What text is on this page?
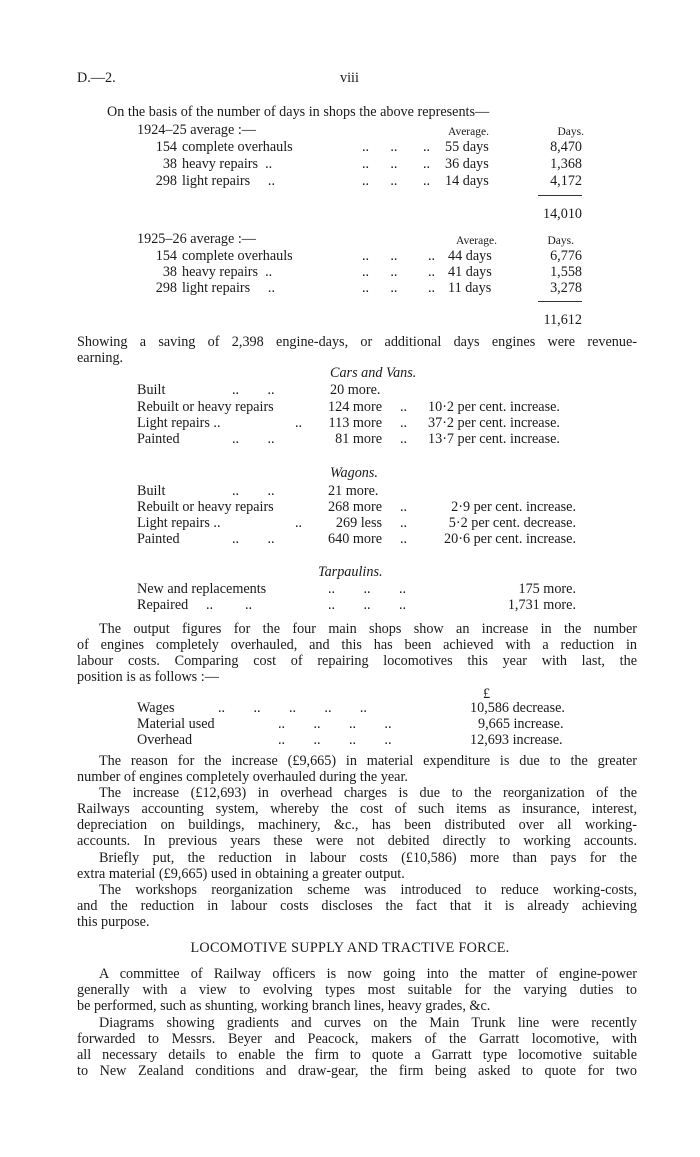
D.—2.	viii
On the basis of the number of days in shops the above represents—
1924–25 average :—	Average.	Days.
154 complete overhauls	..      .. .. 55 days	8,470
38 heavy repairs  ..	..      .. .. 36 days	1,368
298 light repairs     ..	..      .. .. 14 days	4,172
14,010
1925–26 average :—	Average.	Days.
154 complete overhauls	..      .. .. 44 days	6,776
38 heavy repairs  ..	..      .. .. 41 days	1,558
298 light repairs     ..	..      .. .. 11 days	3,278
11,612
Showing a saving of 2,398 engine-days, or additional days engines were revenue-
earning.
Cars and Vans.
Built	..        ..	20 more.
Rebuilt or heavy repairs	124 more .. 10·2 per cent. increase.
Light repairs ..	..	113 more .. 37·2 per cent. increase.
Painted	..        ..	81 more .. 13·7 per cent. increase.
Wagons.
Built	..        ..	21 more.
Rebuilt or heavy repairs	268 more ..	2·9 per cent. increase.
Light repairs ..	..	269 less ..	5·2 per cent. decrease.
Painted	..        ..	640 more ..	20·6 per cent. increase.
Tarpaulins.
New and replacements	..        ..        ..	175 more.
Repaired     ..         ..	..        ..        ..	1,731 more.
The output figures for the four main shops show an increase in the number
of engines completely overhauled, and this has been achieved with a reduction in
labour costs. Comparing cost of repairing locomotives this year with last, the
position is as follows :—
£
Wages	..        ..        ..        ..        ..	10,586 decrease.
Material used	..        ..        ..        ..	9,665 increase.
Overhead	..        ..        ..        ..	12,693 increase.
The reason for the increase (£9,665) in material expenditure is due to the greater
number of engines completely overhauled during the year.
The increase (£12,693) in overhead charges is due to the reorganization of the
Railways accounting system, whereby the cost of such items as insurance, interest,
depreciation on buildings, machinery, &c., has been distributed over all working-
accounts. In previous years these were not debited directly to working accounts.
Briefly put, the reduction in labour costs (£10,586) more than pays for the
extra material (£9,665) used in obtaining a greater output.
The workshops reorganization scheme was introduced to reduce working-costs,
and the reduction in labour costs discloses the fact that it is already achieving
this purpose.
LOCOMOTIVE SUPPLY AND TRACTIVE FORCE.
A committee of Railway officers is now going into the matter of engine-power
generally with a view to evolving types most suitable for the varying duties to
be performed, such as shunting, working branch lines, heavy grades, &c.
Diagrams showing gradients and curves on the Main Trunk line were recently
forwarded to Messrs. Beyer and Peacock, makers of the Garratt locomotive, with
all necessary details to enable the firm to quote a Garratt type locomotive suitable
to New Zealand conditions and draw-gear, the firm being asked to quote for two
